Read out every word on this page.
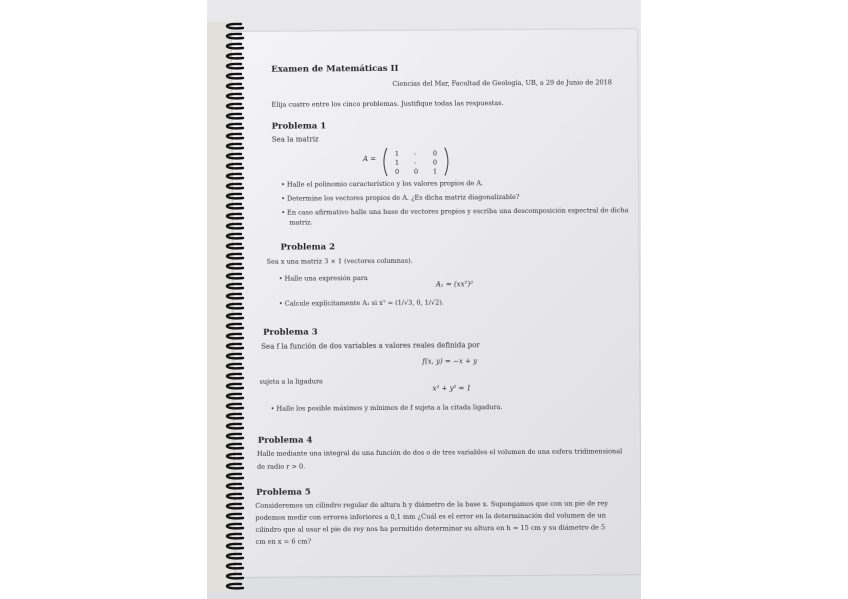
Examen de Matemáticas II
Ciencias del Mar, Facultad de Geología, UB, a 29 de Junio de 2018
Elija cuatro entre los cinco problemas. Justifique todas las respuestas.
Problema 1
Sea la matriz
A =
1 -	0
1 -	0
0 0 1
• Halle el polinomio característico y los valores propios de A.
• Determine los vectores propios de A. ¿Es dicha matriz diagonalizable?
• En caso afirmativo halle una base de vectores propios y escriba una descomposición espectral de dicha
matriz.
Problema 2
Sea x una matriz 3 × 1 (vectores columnas).
• Halle una expresión para
A₁ = (xxᵀ)²
• Calcule explícitamente A₁ si xᵀ = (1/√3, 0, 1/√2).
Problema 3
Sea f la función de dos variables a valores reales definida por
f(x, y) = −x + y
sujeta a la ligadura
x² + y² = 1
• Halle los posible máximos y mínimos de f sujeta a la citada ligadura.
Problema 4
Halle mediante una integral de una función de dos o de tres variables el volumen de una esfera tridimensional
de radio r > 0.
Problema 5
Consideremos un cilindro regular de altura h y diámetro de la base x. Supongamos que con un pie de rey
podemos medir con errores inferiores a 0,1 mm ¿Cuál es el error en la determinación del volumen de un
cilindro que al usar el pie de rey nos ha permitido determinar su altura en h = 15 cm y su diámetro de 5
cm en x = 6 cm?
